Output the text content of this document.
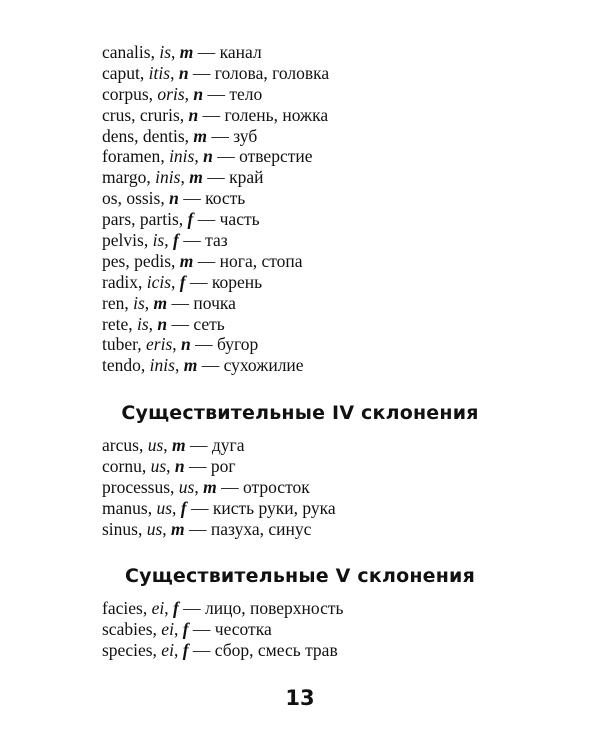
canalis, is, m — канал
caput, itis, n — голова, головка
corpus, oris, n — тело
crus, cruris, n — голень, ножка
dens, dentis, m — зуб
foramen, inis, n — отверстие
margo, inis, m — край
os, ossis, n — кость
pars, partis, f — часть
pelvis, is, f — таз
pes, pedis, m — нога, стопа
radix, icis, f — корень
ren, is, m — почка
rete, is, n — сеть
tuber, eris, n — бугор
tendo, inis, m — сухожилие
Существительные IV склонения
arcus, us, m — дуга
cornu, us, n — рог
processus, us, m — отросток
manus, us, f — кисть руки, рука
sinus, us, m — пазуха, синус
Существительные V склонения
facies, ei, f — лицо, поверхность
scabies, ei, f — чесотка
species, ei, f — сбор, смесь трав
13
